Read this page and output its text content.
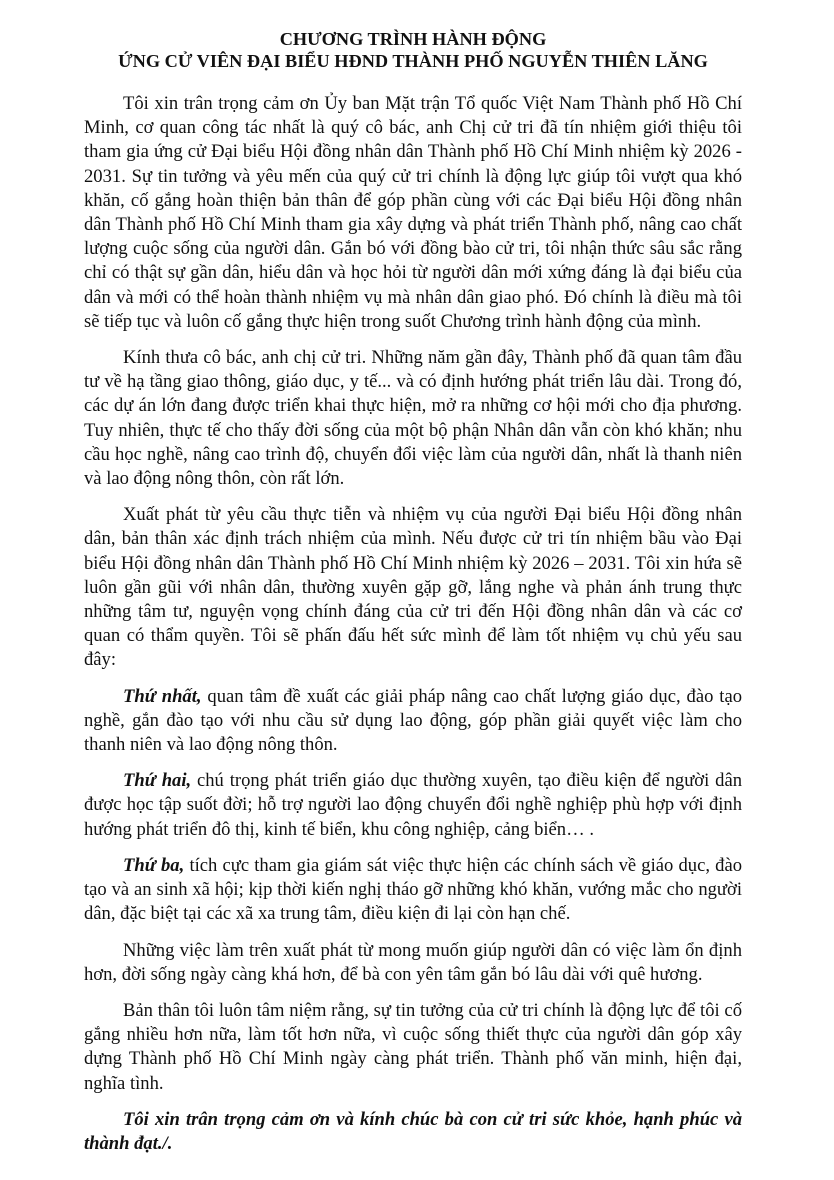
CHƯƠNG TRÌNH HÀNH ĐỘNG

ỨNG CỬ VIÊN ĐẠI BIỂU HĐND THÀNH PHỐ NGUYỄN THIÊN LĂNG

Tôi xin trân trọng cảm ơn Ủy ban Mặt trận Tổ quốc Việt Nam Thành phố Hồ Chí Minh, cơ quan công tác nhất là quý cô bác, anh Chị cử tri đã tín nhiệm giới thiệu tôi tham gia ứng cử Đại biểu Hội đồng nhân dân Thành phố Hồ Chí Minh nhiệm kỳ 2026 - 2031. Sự tin tưởng và yêu mến của quý cử tri chính là động lực giúp tôi vượt qua khó khăn, cố gắng hoàn thiện bản thân để góp phần cùng với các Đại biểu Hội đồng nhân dân Thành phố Hồ Chí Minh tham gia xây dựng và phát triển Thành phố, nâng cao chất lượng cuộc sống của người dân. Gắn bó với đồng bào cử tri, tôi nhận thức sâu sắc rằng chỉ có thật sự gần dân, hiểu dân và học hỏi từ người dân mới xứng đáng là đại biểu của dân và mới có thể hoàn thành nhiệm vụ mà nhân dân giao phó. Đó chính là điều mà tôi sẽ tiếp tục và luôn cố gắng thực hiện trong suốt Chương trình hành động của mình.

Kính thưa cô bác, anh chị cử tri. Những năm gần đây, Thành phố đã quan tâm đầu tư về hạ tầng giao thông, giáo dục, y tế... và có định hướng phát triển lâu dài. Trong đó, các dự án lớn đang được triển khai thực hiện, mở ra những cơ hội mới cho địa phương. Tuy nhiên, thực tế cho thấy đời sống của một bộ phận Nhân dân vẫn còn khó khăn; nhu cầu học nghề, nâng cao trình độ, chuyển đổi việc làm của người dân, nhất là thanh niên và lao động nông thôn, còn rất lớn.

Xuất phát từ yêu cầu thực tiễn và nhiệm vụ của người Đại biểu Hội đồng nhân dân, bản thân xác định trách nhiệm của mình. Nếu được cử tri tín nhiệm bầu vào Đại biểu Hội đồng nhân dân Thành phố Hồ Chí Minh nhiệm kỳ 2026 – 2031. Tôi xin hứa sẽ luôn gần gũi với nhân dân, thường xuyên gặp gỡ, lắng nghe và phản ánh trung thực những tâm tư, nguyện vọng chính đáng của cử tri đến Hội đồng nhân dân và các cơ quan có thẩm quyền. Tôi sẽ phấn đấu hết sức mình để làm tốt nhiệm vụ chủ yếu sau đây:

Thứ nhất, quan tâm đề xuất các giải pháp nâng cao chất lượng giáo dục, đào tạo nghề, gắn đào tạo với nhu cầu sử dụng lao động, góp phần giải quyết việc làm cho thanh niên và lao động nông thôn.

Thứ hai, chú trọng phát triển giáo dục thường xuyên, tạo điều kiện để người dân được học tập suốt đời; hỗ trợ người lao động chuyển đổi nghề nghiệp phù hợp với định hướng phát triển đô thị, kinh tế biển, khu công nghiệp, cảng biển… .

Thứ ba, tích cực tham gia giám sát việc thực hiện các chính sách về giáo dục, đào tạo và an sinh xã hội; kịp thời kiến nghị tháo gỡ những khó khăn, vướng mắc cho người dân, đặc biệt tại các xã xa trung tâm, điều kiện đi lại còn hạn chế.

Những việc làm trên xuất phát từ mong muốn giúp người dân có việc làm ổn định hơn, đời sống ngày càng khá hơn, để bà con yên tâm gắn bó lâu dài với quê hương.

Bản thân tôi luôn tâm niệm rằng, sự tin tưởng của cử tri chính là động lực để tôi cố gắng nhiều hơn nữa, làm tốt hơn nữa, vì cuộc sống thiết thực của người dân góp xây dựng Thành phố Hồ Chí Minh ngày càng phát triển. Thành phố văn minh, hiện đại, nghĩa tình.

Tôi xin trân trọng cảm ơn và kính chúc bà con cử tri sức khỏe, hạnh phúc và thành đạt./.
